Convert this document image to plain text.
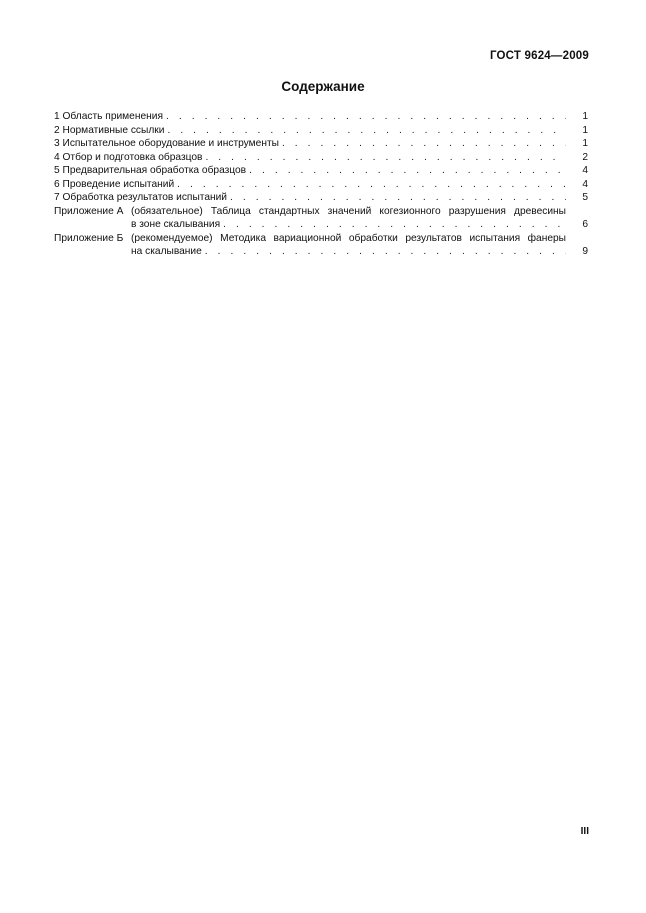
ГОСТ 9624—2009
Содержание
1 Область применения . . .	1
2 Нормативные ссылки . . .	1
3 Испытательное оборудование и инструменты . . .	1
4 Отбор и подготовка образцов . . .	2
5 Предварительная обработка образцов . . .	4
6 Проведение испытаний . . .	4
7 Обработка результатов испытаний . . .	5
Приложение А (обязательное) Таблица стандартных значений когезионного разрушения древесины
в зоне скалывания . . .	6
Приложение Б (рекомендуемое) Методика вариационной обработки результатов испытания фанеры
на скалывание . . .	9
III
